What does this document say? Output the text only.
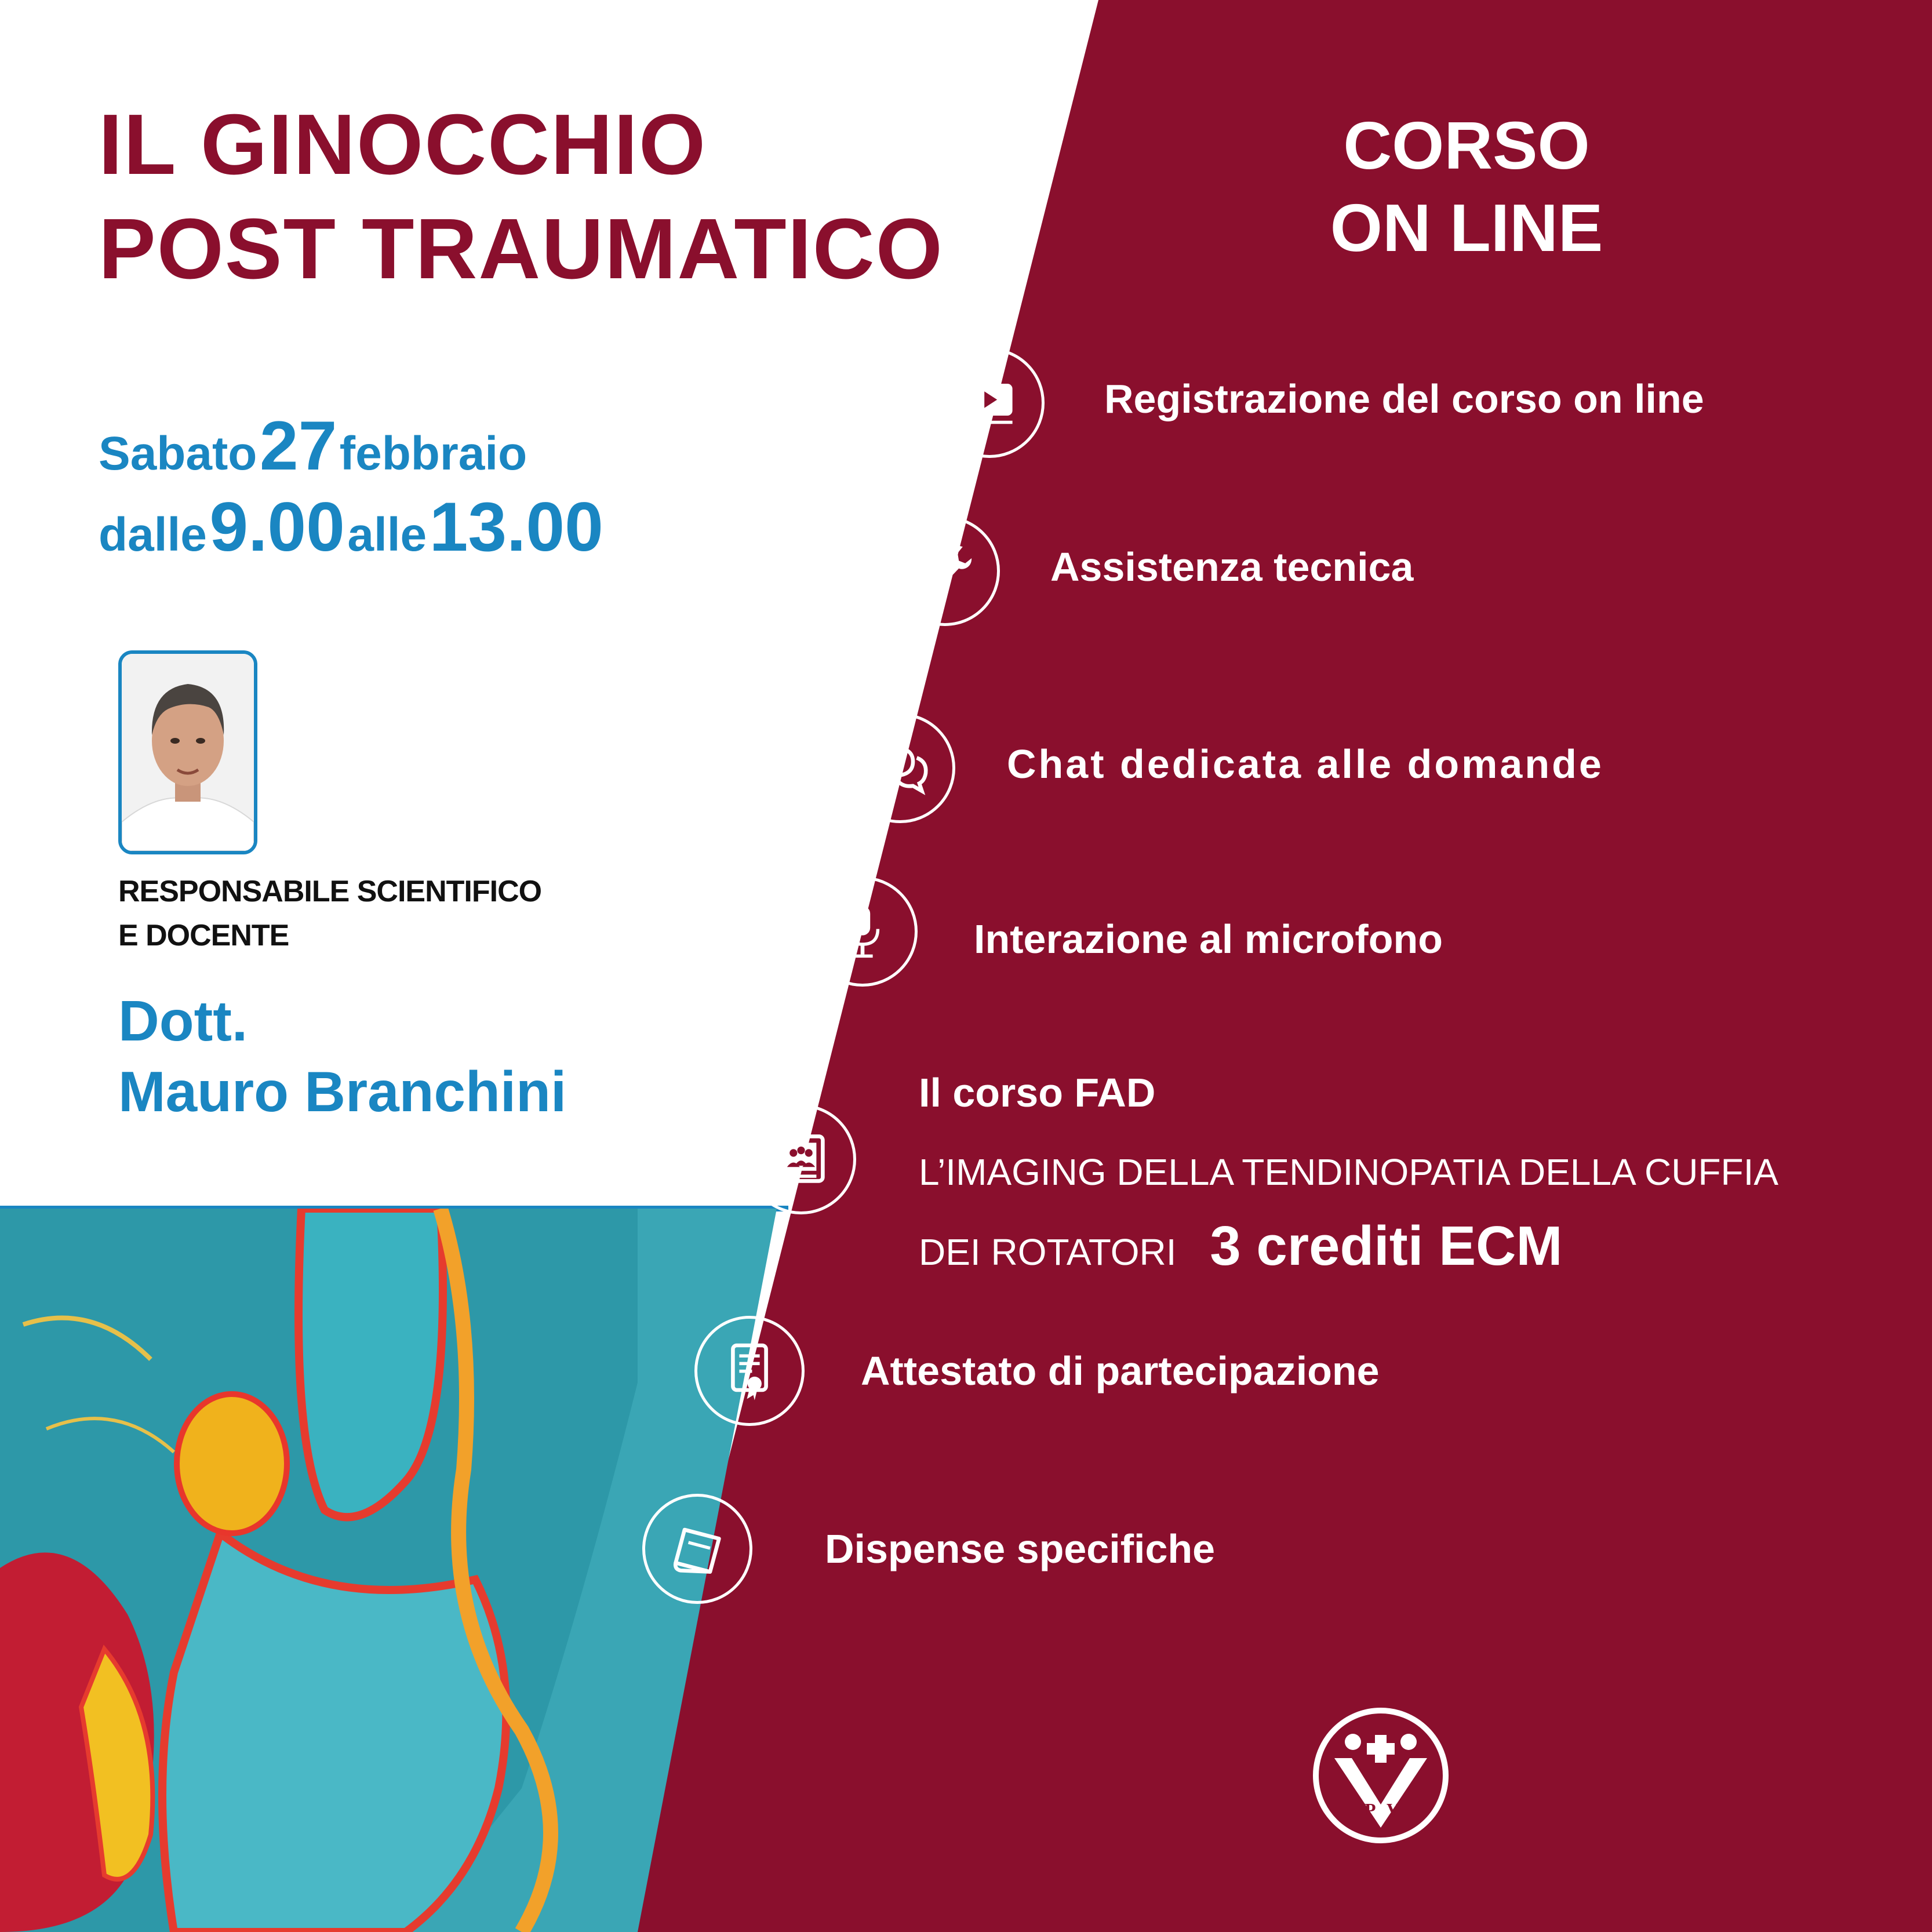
IL GINOCCHIO
POST TRAUMATICO
Sabato 27 febbraio
dalle 9.00 alle 13.00
RESPONSABILE SCIENTIFICO
E DOCENTE
Dott.
Mauro Branchini
CORSO
ON LINE
Registrazione del corso on line
Assistenza tecnica
Chat dedicata alle domande
Interazione al microfono
Il corso FAD
L’IMAGING DELLA TENDINOPATIA DELLA CUFFIA
DEI ROTATORI 3 crediti ECM
Attestato di partecipazione
Dispense specifiche
P V
